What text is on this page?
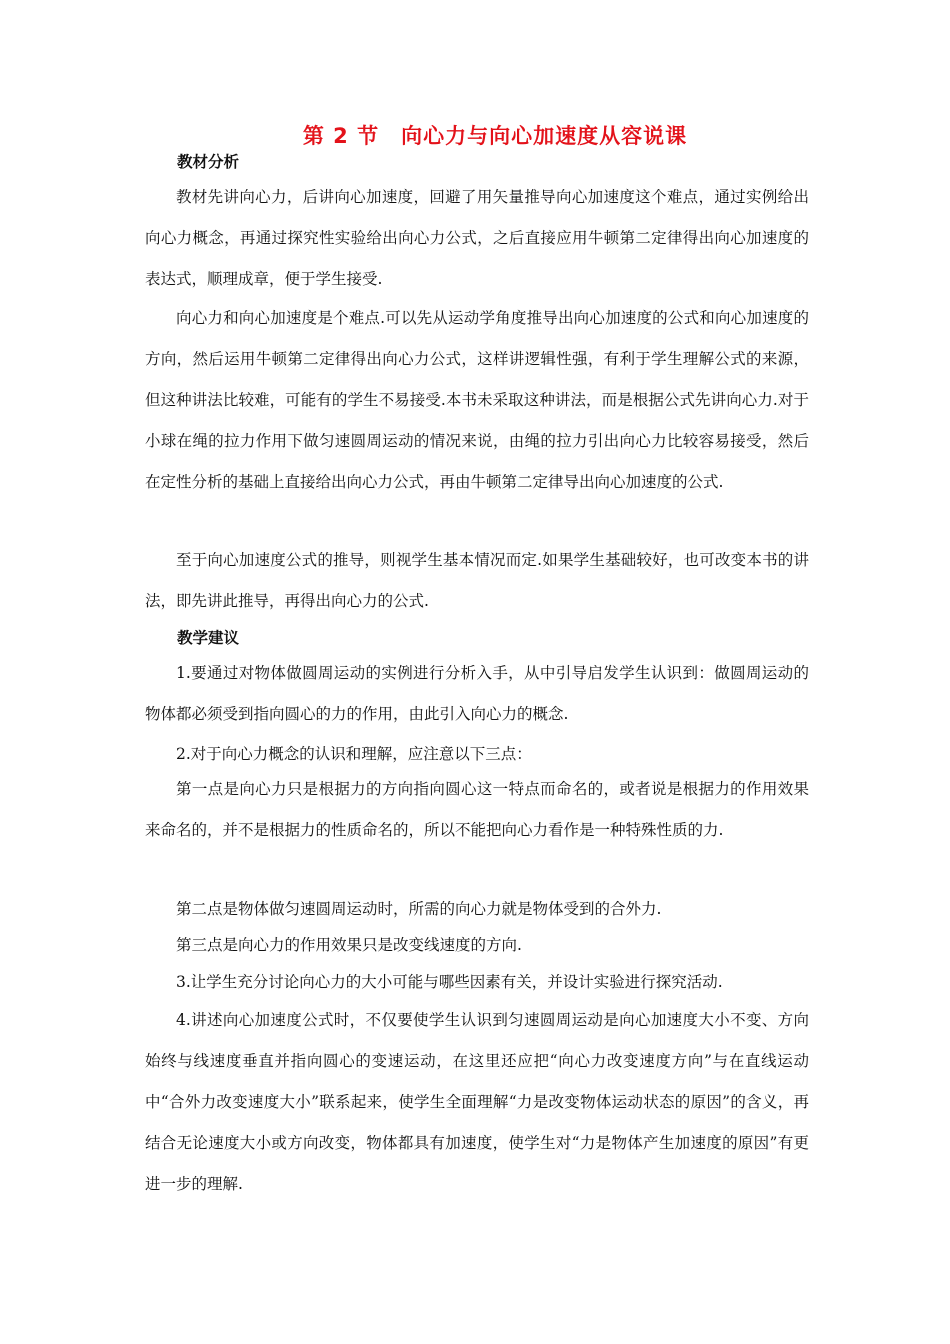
第 2 节　向心力与向心加速度从容说课
教材分析

教材先讲向心力，后讲向心加速度，回避了用矢量推导向心加速度这个难点，通过实例给出向心力概念，再通过探究性实验给出向心力公式，之后直接应用牛顿第二定律得出向心加速度的表达式，顺理成章，便于学生接受.

向心力和向心加速度是个难点.可以先从运动学角度推导出向心加速度的公式和向心加速度的方向，然后运用牛顿第二定律得出向心力公式，这样讲逻辑性强，有利于学生理解公式的来源，但这种讲法比较难，可能有的学生不易接受.本书未采取这种讲法，而是根据公式先讲向心力.对于小球在绳的拉力作用下做匀速圆周运动的情况来说，由绳的拉力引出向心力比较容易接受，然后在定性分析的基础上直接给出向心力公式，再由牛顿第二定律导出向心加速度的公式.

至于向心加速度公式的推导，则视学生基本情况而定.如果学生基础较好，也可改变本书的讲法，即先讲此推导，再得出向心力的公式.

教学建议

1.要通过对物体做圆周运动的实例进行分析入手，从中引导启发学生认识到：做圆周运动的物体都必须受到指向圆心的力的作用，由此引入向心力的概念.

2.对于向心力概念的认识和理解，应注意以下三点：

第一点是向心力只是根据力的方向指向圆心这一特点而命名的，或者说是根据力的作用效果来命名的，并不是根据力的性质命名的，所以不能把向心力看作是一种特殊性质的力.

第二点是物体做匀速圆周运动时，所需的向心力就是物体受到的合外力.

第三点是向心力的作用效果只是改变线速度的方向.

3.让学生充分讨论向心力的大小可能与哪些因素有关，并设计实验进行探究活动.

4.讲述向心加速度公式时，不仅要使学生认识到匀速圆周运动是向心加速度大小不变、方向始终与线速度垂直并指向圆心的变速运动，在这里还应把“向心力改变速度方向”与在直线运动中“合外力改变速度大小”联系起来，使学生全面理解“力是改变物体运动状态的原因”的含义，再结合无论速度大小或方向改变，物体都具有加速度，使学生对“力是物体产生加速度的原因”有更进一步的理解.
